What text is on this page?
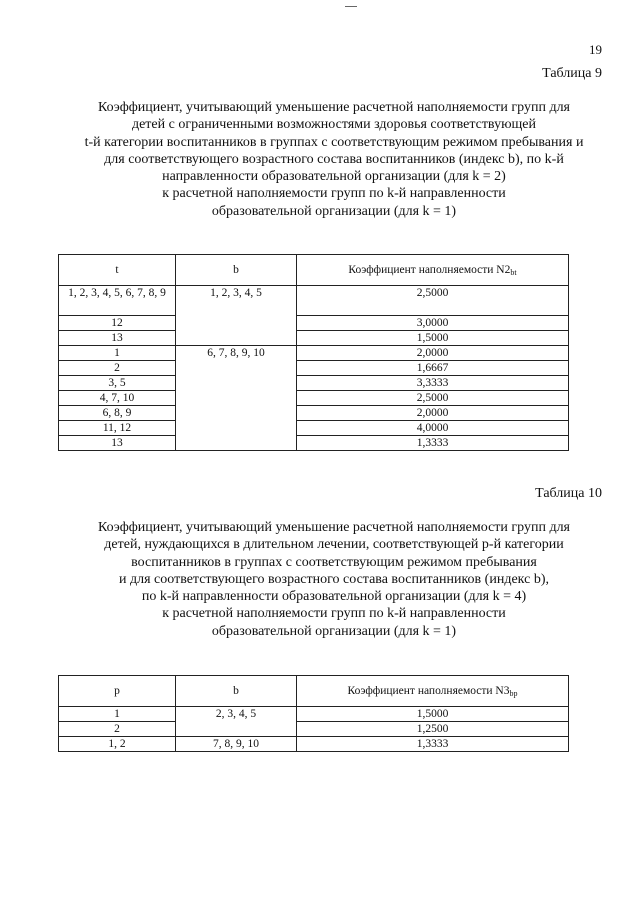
19
Таблица 9
Коэффициент, учитывающий уменьшение расчетной наполняемости групп для
детей с ограниченными возможностями здоровья соответствующей
t-й категории воспитанников в группах с соответствующим режимом пребывания и
для соответствующего возрастного состава воспитанников (индекс b), по k-й
направленности образовательной организации (для k = 2)
к расчетной наполняемости групп по k-й направленности
образовательной организации (для k = 1)
t	b	Коэффициент наполняемости $N2_{bt}$
1, 2, 3, 4, 5, 6, 7, 8, 9	1, 2, 3, 4, 5	2,5000
12		3,0000
13		1,5000
1	6, 7, 8, 9, 10	2,0000
2		1,6667
3, 5		3,3333
4, 7, 10		2,5000
6, 8, 9		2,0000
11, 12		4,0000
13		1,3333
Таблица 10
Коэффициент, учитывающий уменьшение расчетной наполняемости групп для
детей, нуждающихся в длительном лечении, соответствующей p-й категории
воспитанников в группах с соответствующим режимом пребывания
и для соответствующего возрастного состава воспитанников (индекс b),
по k-й направленности образовательной организации (для k = 4)
к расчетной наполняемости групп по k-й направленности
образовательной организации (для k = 1)
p	b	Коэффициент наполняемости $N3_{bp}$
1	2, 3, 4, 5	1,5000
2		1,2500
1, 2	7, 8, 9, 10	1,3333
